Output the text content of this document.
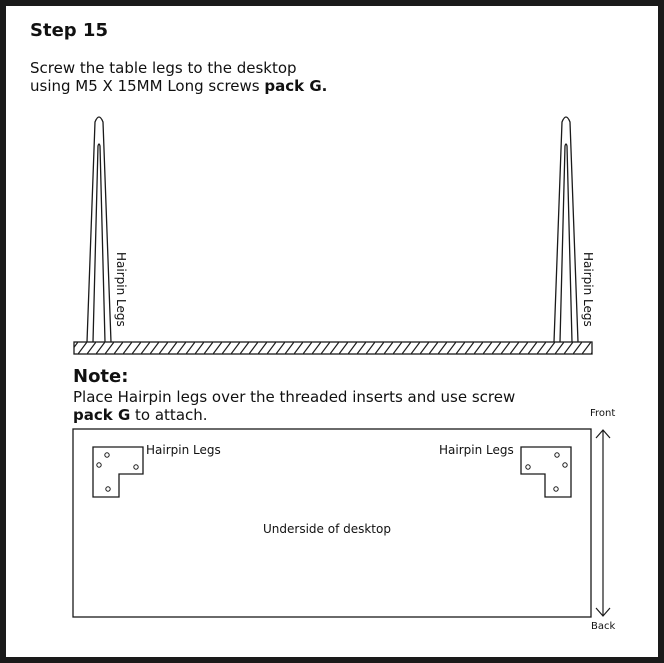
Step 15
Screw the table legs to the desktop
using M5 X 15MM Long screws pack G.
Hairpin Legs	Hairpin Legs
Note:
Place Hairpin legs over the threaded inserts and use screw
pack G to attach.
Hairpin Legs	Hairpin Legs
Underside of desktop
Front
Back
